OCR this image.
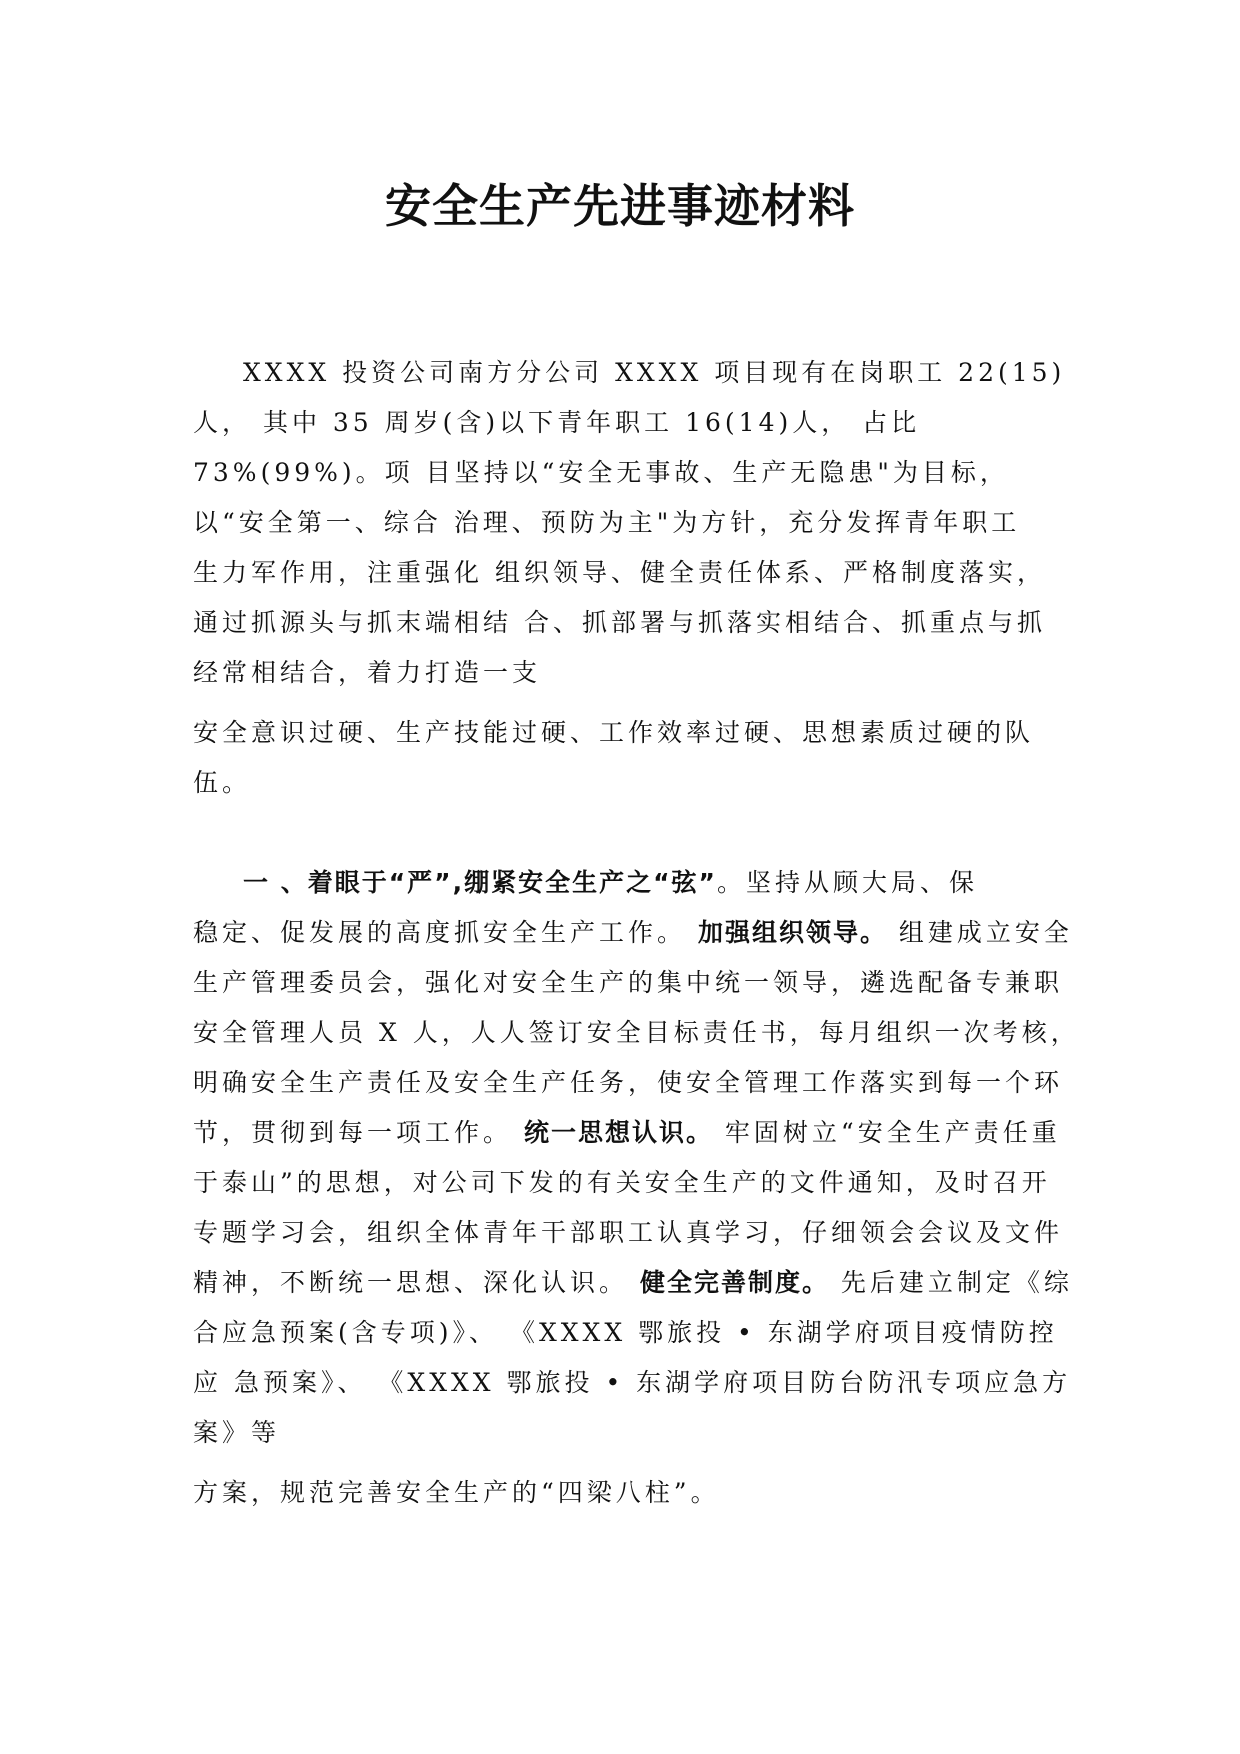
安全生产先进事迹材料

XXXX 投资公司南方分公司 XXXX 项目现有在岗职工 22(15)

人， 其中 35 周岁(含)以下青年职工 16(14)人， 占比

73%(99%)。项 目坚持以“安全无事故、生产无隐患"为目标，

以“安全第一、综合 治理、预防为主"为方针，充分发挥青年职工

生力军作用，注重强化 组织领导、健全责任体系、严格制度落实，

通过抓源头与抓末端相结 合、抓部署与抓落实相结合、抓重点与抓

经常相结合，着力打造一支

安全意识过硬、生产技能过硬、工作效率过硬、思想素质过硬的队

伍。

一 、着眼于“严”,绷紧安全生产之“弦”。坚持从顾大局、保

稳定、促发展的高度抓安全生产工作。 加强组织领导。 组建成立安全

生产管理委员会，强化对安全生产的集中统一领导，遴选配备专兼职

安全管理人员 X 人，人人签订安全目标责任书，每月组织一次考核，

明确安全生产责任及安全生产任务，使安全管理工作落实到每一个环

节，贯彻到每一项工作。 统一思想认识。 牢固树立“安全生产责任重

于泰山”的思想，对公司下发的有关安全生产的文件通知，及时召开

专题学习会，组织全体青年干部职工认真学习，仔细领会会议及文件

精神，不断统一思想、深化认识。 健全完善制度。 先后建立制定《综

合应急预案(含专项)》、 《XXXX 鄂旅投 • 东湖学府项目疫情防控

应 急预案》、 《XXXX 鄂旅投 • 东湖学府项目防台防汛专项应急方

案》等

方案，规范完善安全生产的“四梁八柱”。
